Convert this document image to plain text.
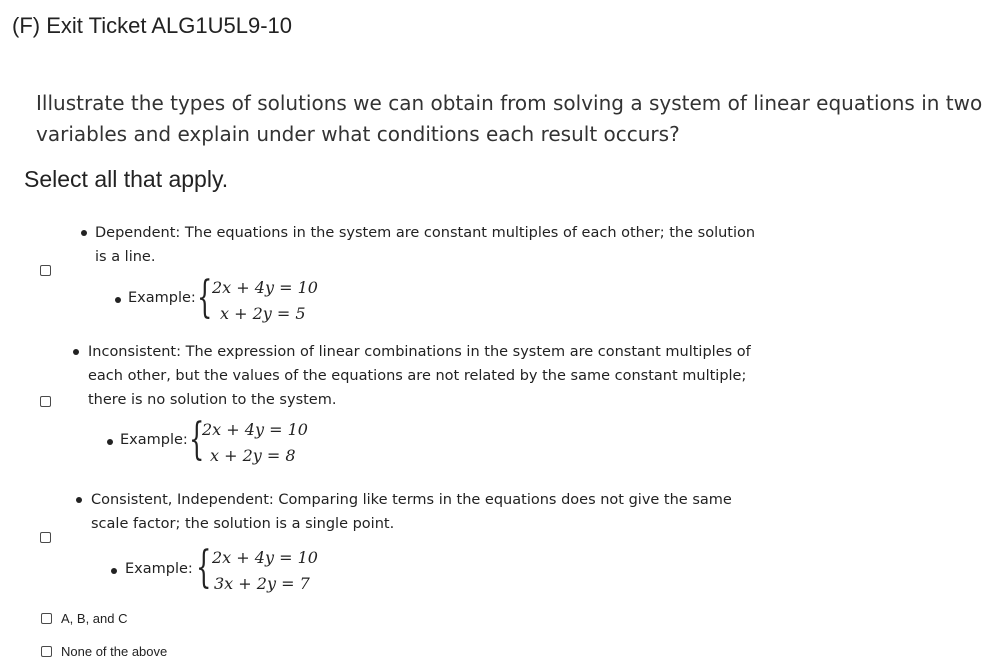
(F) Exit Ticket ALG1U5L9-10
Illustrate the types of solutions we can obtain from solving a system of linear equations in two
variables and explain under what conditions each result occurs?
Select all that apply.
Dependent: The equations in the system are constant multiples of each other; the solution
is a line.
Example: { 2x + 4y = 10
x + 2y = 5
Inconsistent: The expression of linear combinations in the system are constant multiples of
each other, but the values of the equations are not related by the same constant multiple;
there is no solution to the system.
Example: {
2x + 4y = 10
x + 2y = 8
Consistent, Independent: Comparing like terms in the equations does not give the same
scale factor; the solution is a single point.
Example: { 2x + 4y = 10
3x + 2y = 7
A, B, and C
None of the above
